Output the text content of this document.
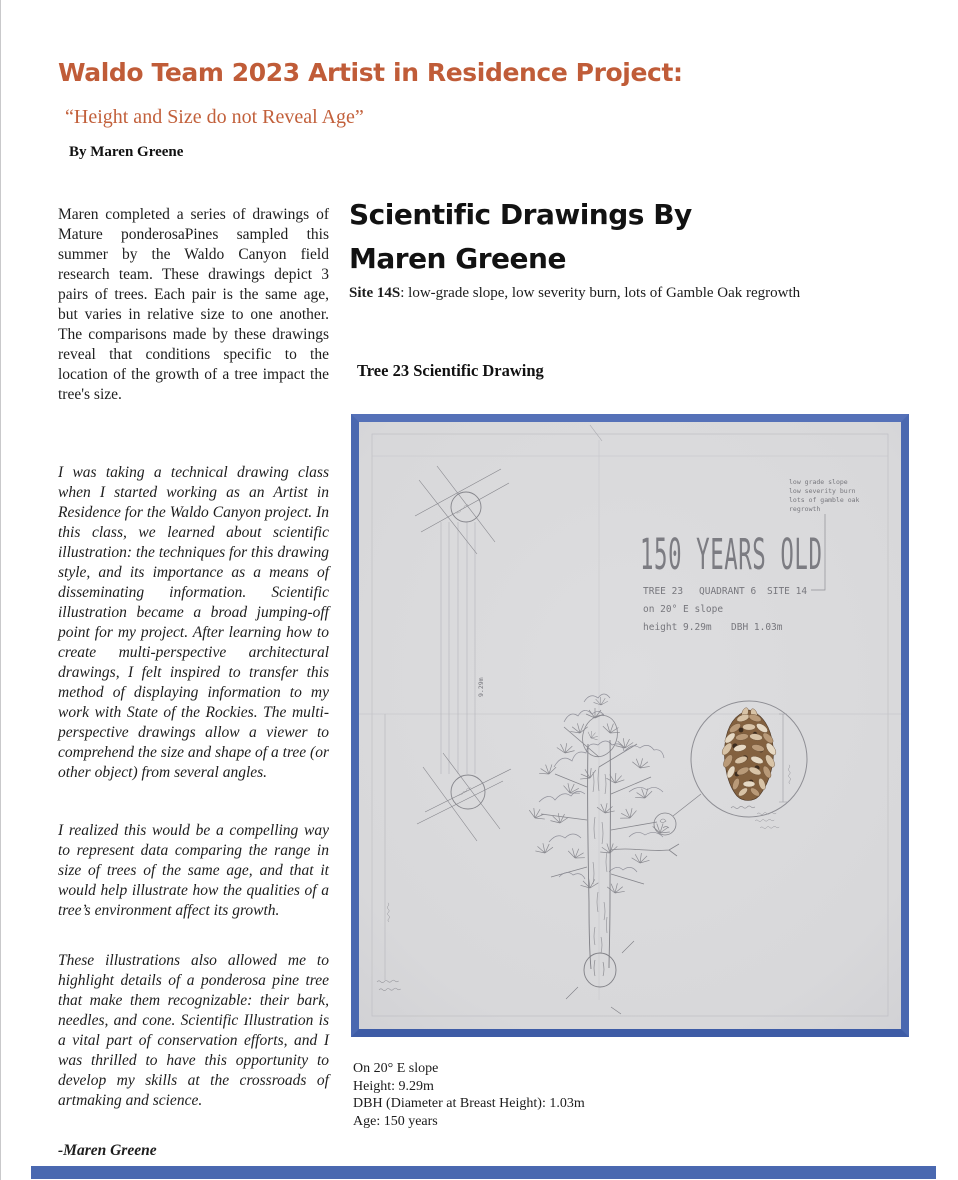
Waldo Team 2023 Artist in Residence Project:
“Height and Size do not Reveal Age”
By Maren Greene

Maren completed a series of drawings of Mature ponderosaPines sampled this summer by the Waldo Canyon field research team. These drawings depict 3 pairs of trees. Each pair is the same age, but varies in relative size to one another. The comparisons made by these drawings reveal that conditions specific to the location of the growth of a tree impact the tree's size.

I was taking a technical drawing class when I started working as an Artist in Residence for the Waldo Canyon project. In this class, we learned about scientific illustration: the techniques for this drawing style, and its importance as a means of disseminating information. Scientific illustration became a broad jumping-off point for my project. After learning how to create multi-perspective architectural drawings, I felt inspired to transfer this method of displaying information to my work with State of the Rockies. The multi-perspective drawings allow a viewer to comprehend the size and shape of a tree (or other object) from several angles.

I realized this would be a compelling way to represent data comparing the range in size of trees of the same age, and that it would help illustrate how the qualities of a tree’s environment affect its growth.

These illustrations also allowed me to highlight details of a ponderosa pine tree that make them recognizable: their bark, needles, and cone. Scientific Illustration is a vital part of conservation efforts, and I was thrilled to have this opportunity to develop my skills at the crossroads of artmaking and science.

-Maren Greene

Scientific Drawings By
Maren Greene
Site 14S: low-grade slope, low severity burn, lots of Gamble Oak regrowth
Tree 23 Scientific Drawing
150 YEARS OLD
TREE 23 QUADRANT 6 SITE 14
on 20° E slope
height 9.29m DBH 1.03m
low grade slope
low severity burn
lots of gamble oak
regrowth
9.29m
On 20° E slope
Height: 9.29m
DBH (Diameter at Breast Height): 1.03m
Age: 150 years
